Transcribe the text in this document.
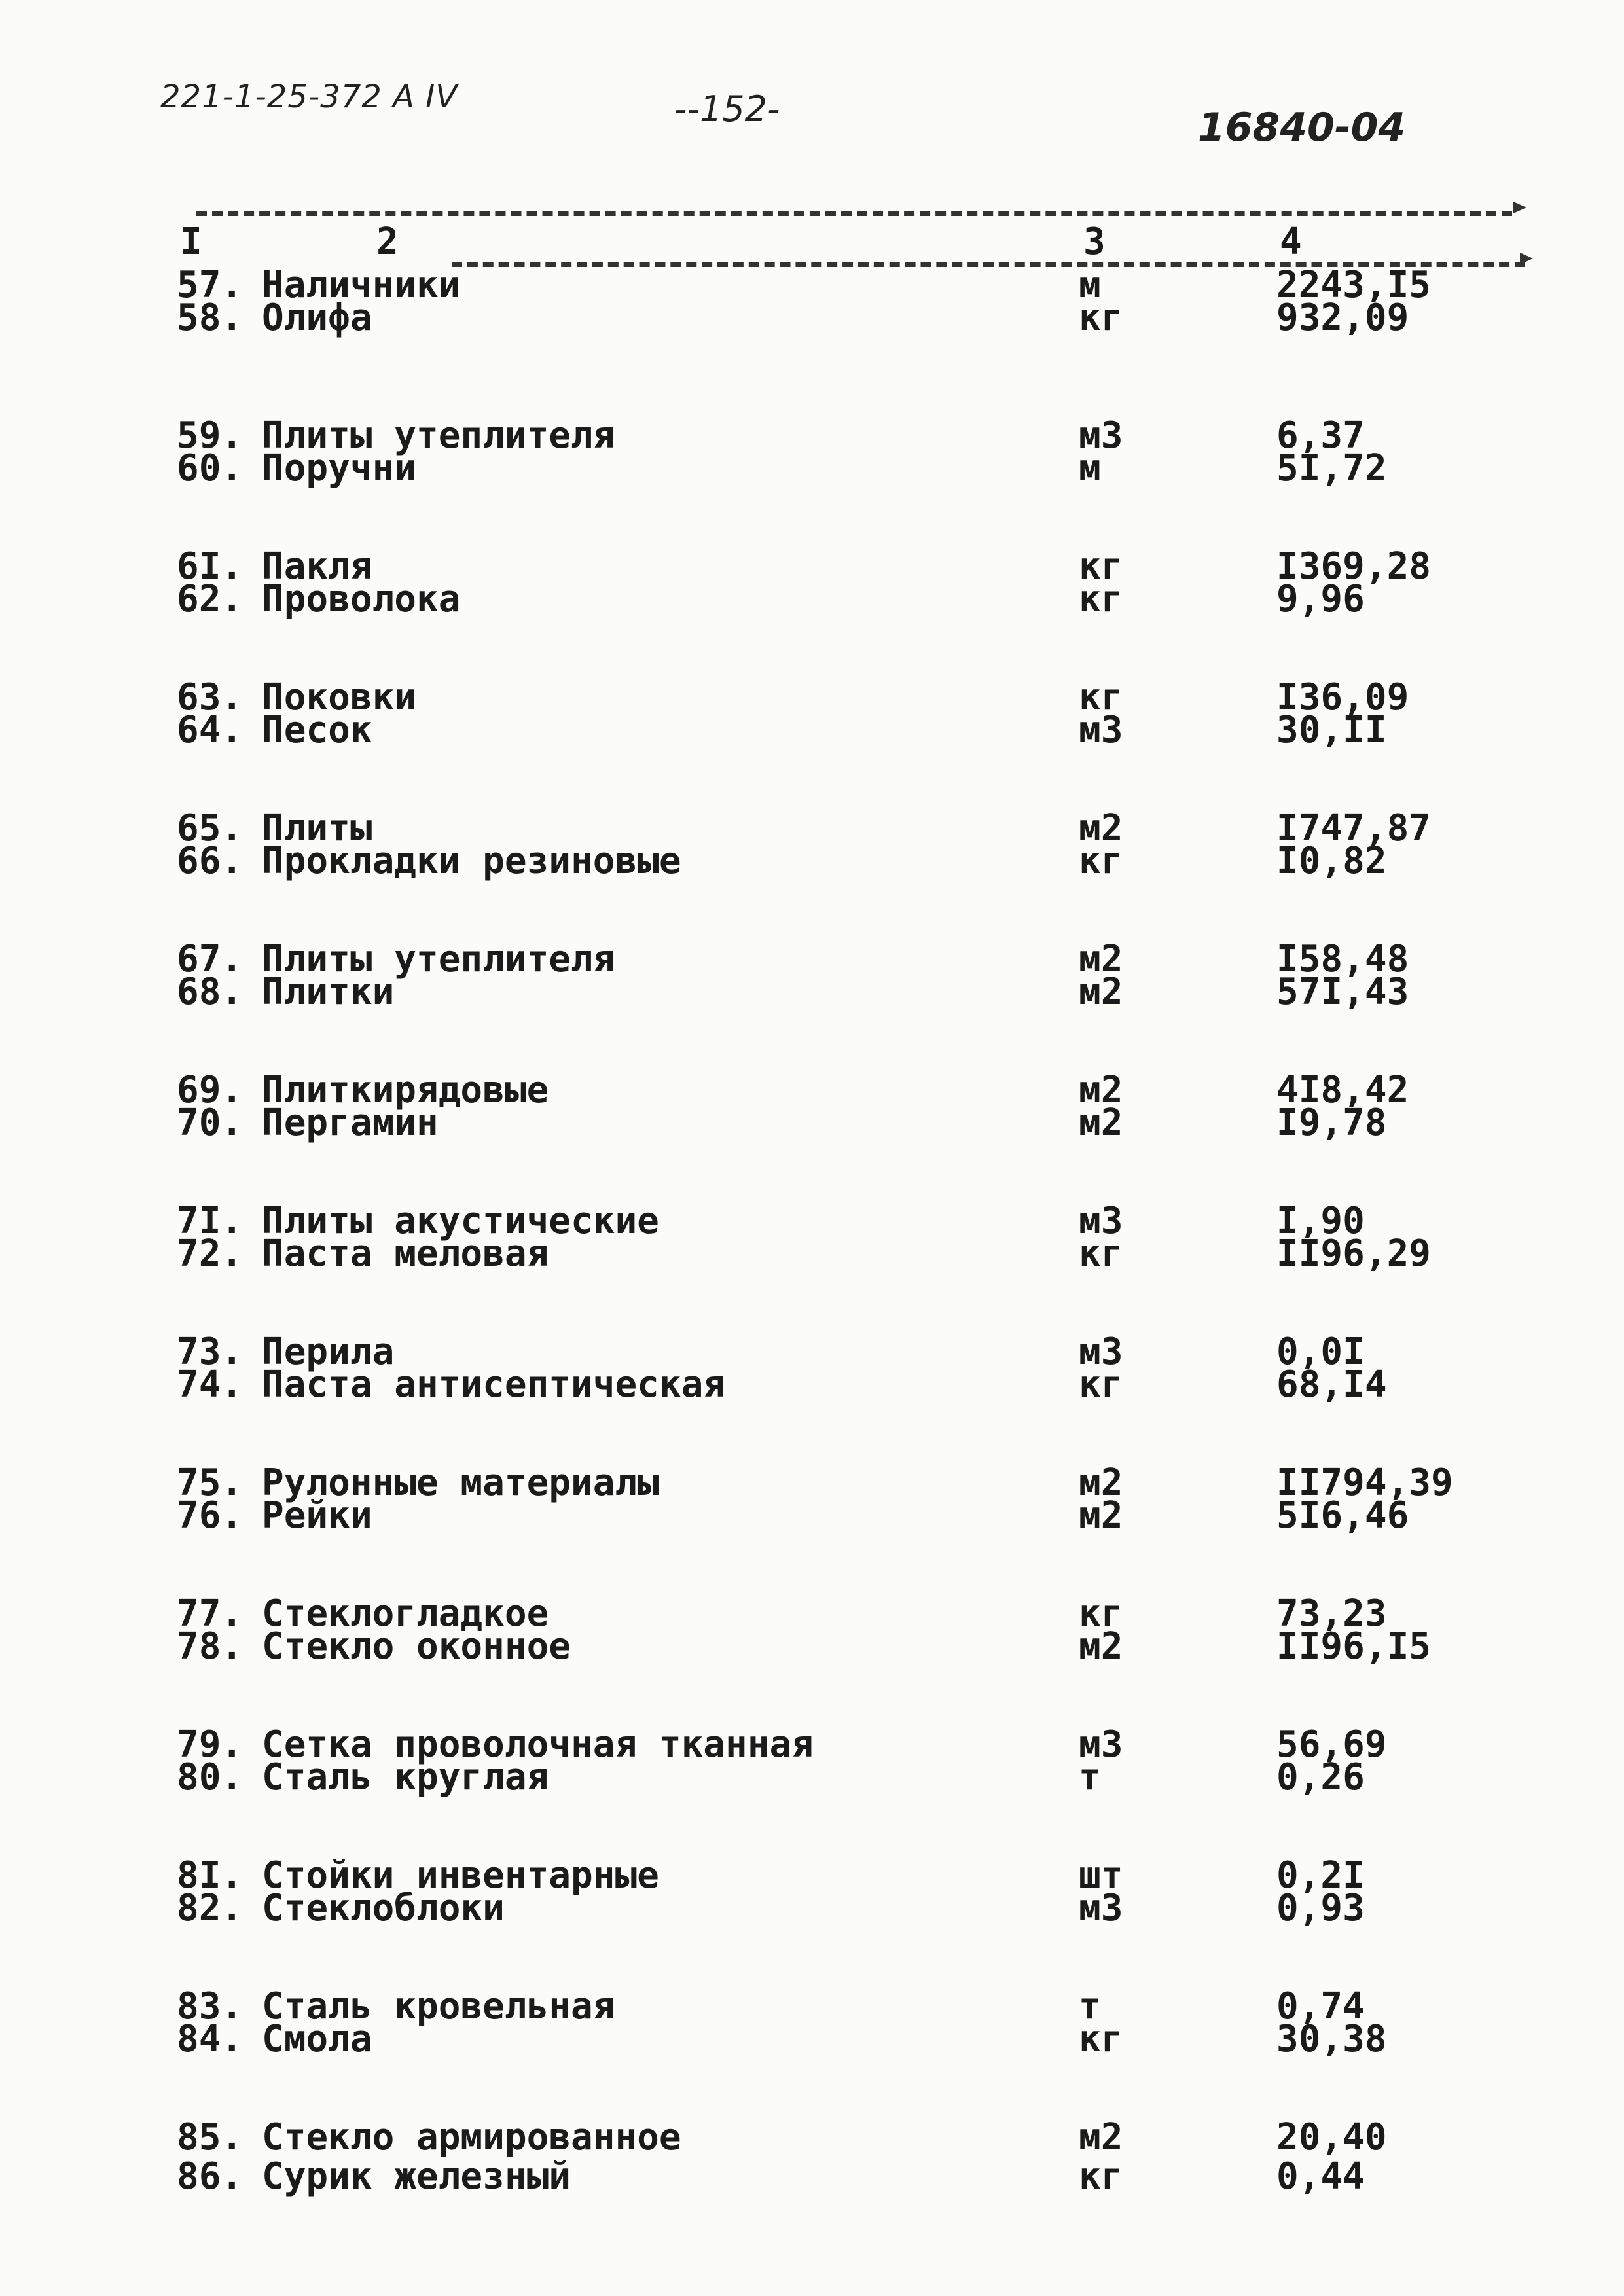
221-1-25-372 А IV	--152-	16840-04
I	2	3	4
57. Наличники	м	2243,I5
58. Олифа	кг	932,09
59. Плиты утеплителя	м3	6,37
60. Поручни	м	5I,72
6I. Пакля	кг	I369,28
62. Проволока	кг	9,96
63. Поковки	кг	I36,09
64. Песок	м3	30,II
65. Плиты	м2	I747,87
66. Прокладки резиновые	кг	I0,82
67. Плиты утеплителя	м2	I58,48
68. Плитки	м2	57I,43
69. Плиткирядовые	м2	4I8,42
70. Пергамин	м2	I9,78
7I. Плиты акустические	м3	I,90
72. Паста меловая	кг	II96,29
73. Перила	м3	0,0I
74. Паста антисептическая	кг	68,I4
75. Рулонные материалы	м2	II794,39
76. Рейки	м2	5I6,46
77. Стеклогладкое	кг	73,23
78. Стекло оконное	м2	II96,I5
79. Сетка проволочная тканная	м3	56,69
80. Сталь круглая	т	0,26
8I. Стойки инвентарные	шт	0,2I
82. Стеклоблоки	м3	0,93
83. Сталь кровельная	т	0,74
84. Смола	кг	30,38
85. Стекло армированное	м2	20,40
86. Сурик железный	кг	0,44
